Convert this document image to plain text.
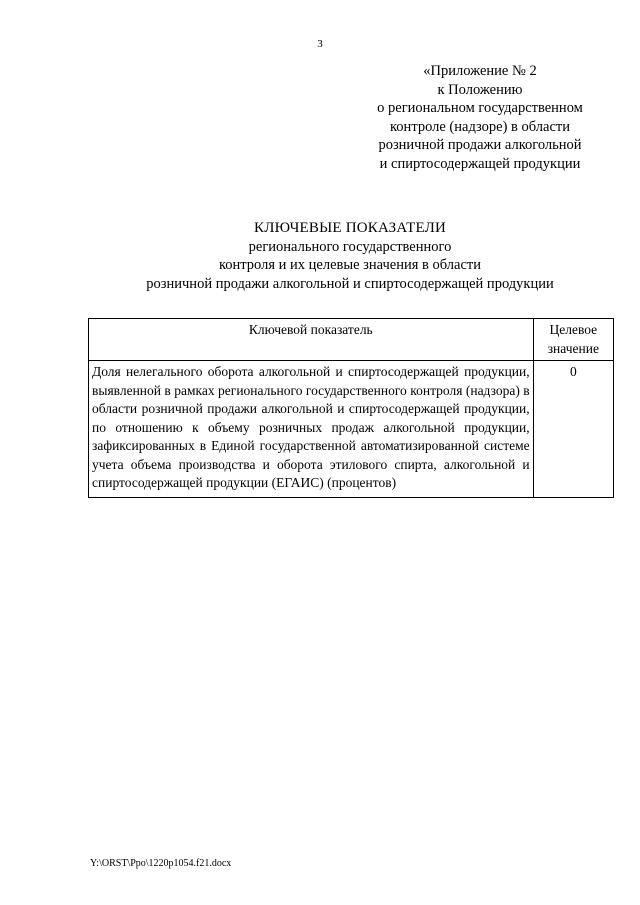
3
«Приложение № 2
к Положению
о региональном государственном
контроле (надзоре) в области
розничной продажи алкогольной
и спиртосодержащей продукции
КЛЮЧЕВЫЕ ПОКАЗАТЕЛИ
регионального государственного
контроля и их целевые значения в области
розничной продажи алкогольной и спиртосодержащей продукции
Ключевой показатель	Целевое
значение

Доля нелегального оборота алкогольной и спиртосодержащей продукции, выявленной в рамках регионального государственного контроля (надзора) в области розничной продажи алкогольной и спиртосодержащей продукции, по отношению к объему розничных продаж алкогольной продукции, зафиксированных в Единой государственной автоматизированной системе учета объема производства и оборота этилового спирта, алкогольной и спиртосодержащей продукции (ЕГАИС) (процентов)	0
Y:\ORST\Ppo\1220p1054.f21.docx
